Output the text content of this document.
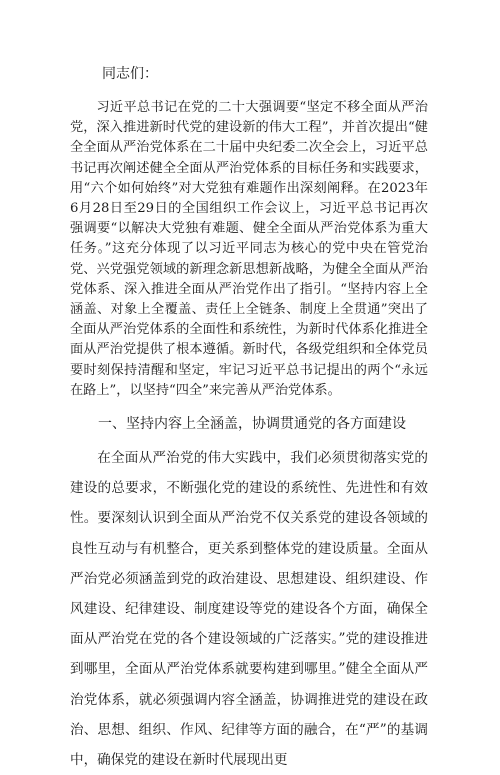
同志们：

习近平总书记在党的二十大强调要“坚定不移全面从严治党，深入推进新时代党的建设新的伟大工程”，并首次提出“健全全面从严治党体系在二十届中央纪委二次全会上，习近平总书记再次阐述健全全面从严治党体系的目标任务和实践要求，用“六个如何始终”对大党独有难题作出深刻阐释。在2023年6月28日至29日的全国组织工作会议上，习近平总书记再次强调要“以解决大党独有难题、健全全面从严治党体系为重大任务。”这充分体现了以习近平同志为核心的党中央在管党治党、兴党强党领域的新理念新思想新战略，为健全全面从严治党体系、深入推进全面从严治党作出了指引。“坚持内容上全涵盖、对象上全覆盖、责任上全链条、制度上全贯通”突出了全面从严治党体系的全面性和系统性，为新时代体系化推进全面从严治党提供了根本遵循。新时代，各级党组织和全体党员要时刻保持清醒和坚定，牢记习近平总书记提出的两个“永远在路上”，以坚持“四全”来完善从严治党体系。

一、坚持内容上全涵盖，协调贯通党的各方面建设

在全面从严治党的伟大实践中，我们必须贯彻落实党的建设的总要求，不断强化党的建设的系统性、先进性和有效性。要深刻认识到全面从严治党不仅关系党的建设各领域的良性互动与有机整合，更关系到整体党的建设质量。全面从严治党必须涵盖到党的政治建设、思想建设、组织建设、作风建设、纪律建设、制度建设等党的建设各个方面，确保全面从严治党在党的各个建设领域的广泛落实。”党的建设推进到哪里，全面从严治党体系就要构建到哪里。”健全全面从严治党体系，就必须强调内容全涵盖，协调推进党的建设在政治、思想、组织、作风、纪律等方面的融合，在“严”的基调中，确保党的建设在新时代展现出更
